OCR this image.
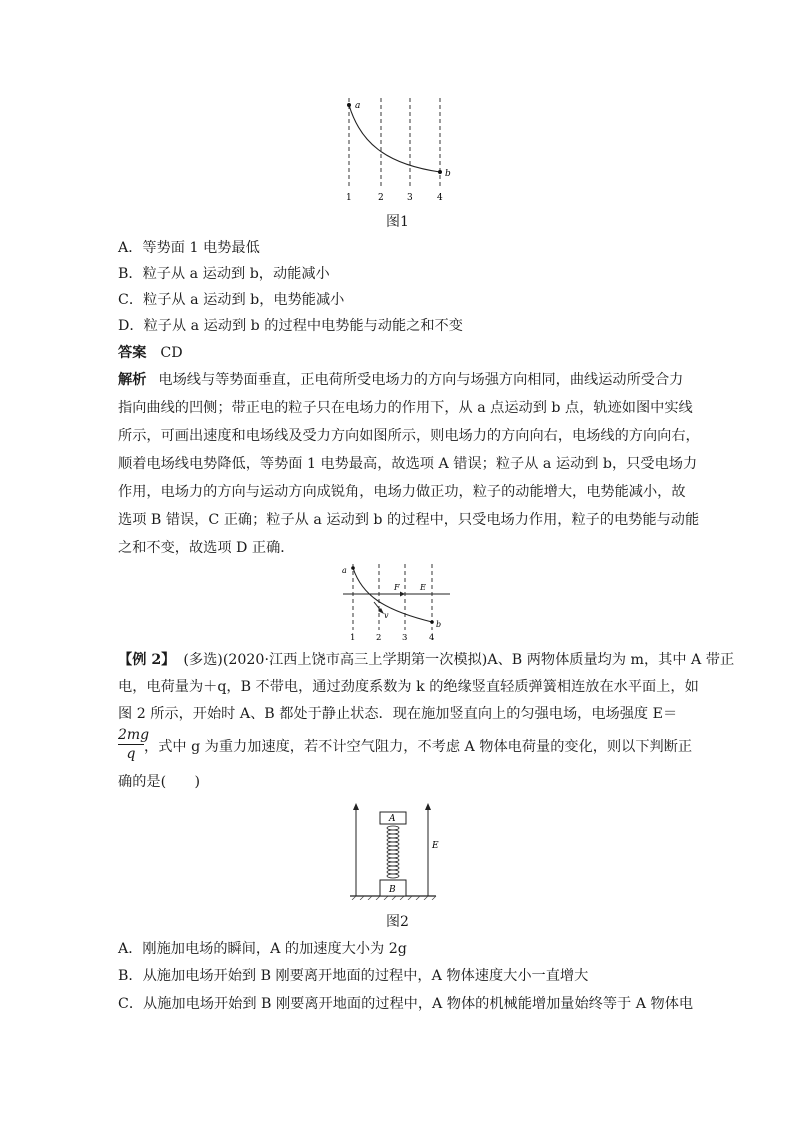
a
b
1	2	3	4
图1
A．等势面 1 电势最低
B．粒子从 a 运动到 b，动能减小
C．粒子从 a 运动到 b，电势能减小
D．粒子从 a 运动到 b 的过程中电势能与动能之和不变
答案 CD
解析 电场线与等势面垂直，正电荷所受电场力的方向与场强方向相同，曲线运动所受合力
指向曲线的凹侧；带正电的粒子只在电场力的作用下，从 a 点运动到 b 点，轨迹如图中实线
所示，可画出速度和电场线及受力方向如图所示，则电场力的方向向右，电场线的方向向右，
顺着电场线电势降低，等势面 1 电势最高，故选项 A 错误；粒子从 a 运动到 b，只受电场力
作用，电场力的方向与运动方向成锐角，电场力做正功，粒子的动能增大，电势能减小，故
选项 B 错误，C 正确；粒子从 a 运动到 b 的过程中，只受电场力作用，粒子的电势能与动能
之和不变，故选项 D 正确．
a
F	E
v
b
1 2 3	4
【例 2】 (多选)(2020·江西上饶市高三上学期第一次模拟)A、B 两物体质量均为 m，其中 A 带正
电，电荷量为＋q，B 不带电，通过劲度系数为 k 的绝缘竖直轻质弹簧相连放在水平面上，如
图 2 所示，开始时 A、B 都处于静止状态．现在施加竖直向上的匀强电场，电场强度 E＝
$\frac{2mg}{q}$ ，式中 g 为重力加速度，若不计空气阻力，不考虑 A 物体电荷量的变化，则以下判断正
确的是(　　)
A
B
E
图2
A．刚施加电场的瞬间，A 的加速度大小为 2g
B．从施加电场开始到 B 刚要离开地面的过程中，A 物体速度大小一直增大
C．从施加电场开始到 B 刚要离开地面的过程中，A 物体的机械能增加量始终等于 A 物体电
